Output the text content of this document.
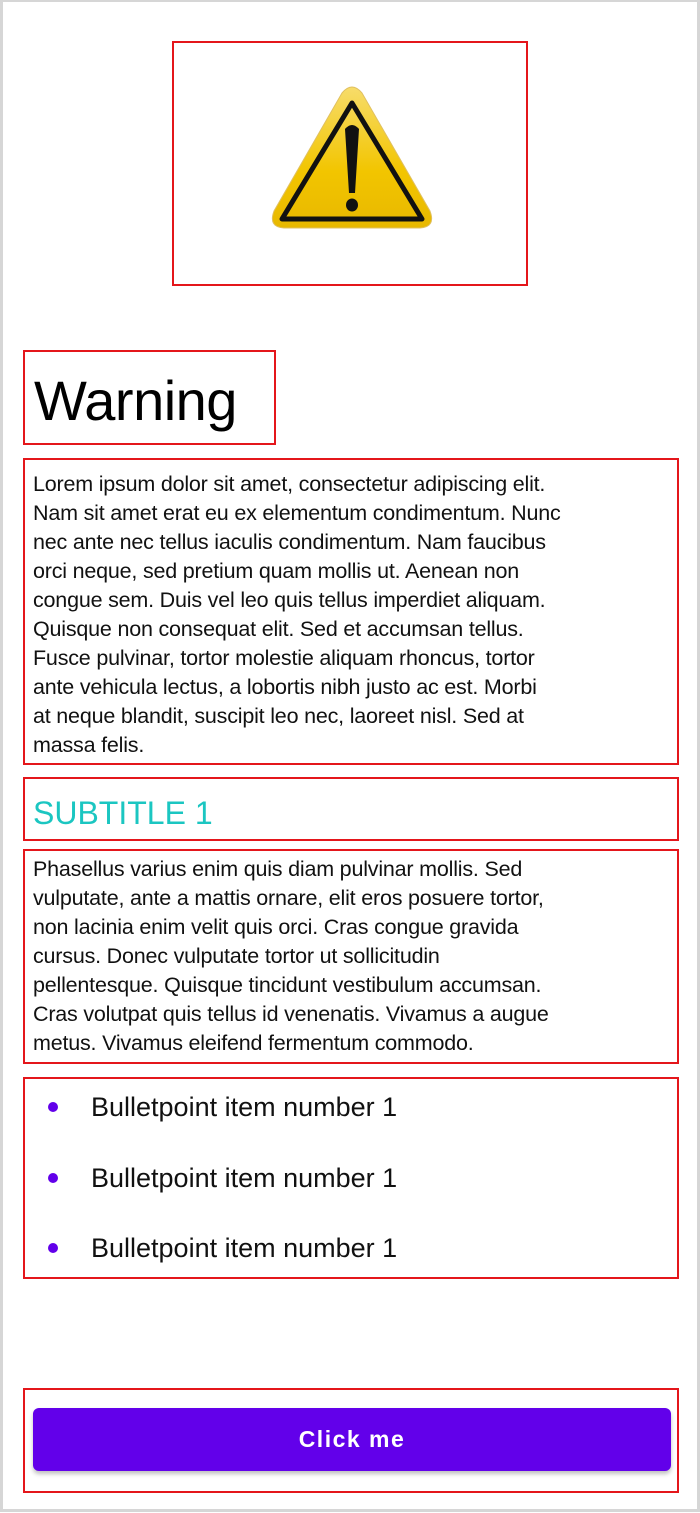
Warning
Lorem ipsum dolor sit amet, consectetur adipiscing elit.
Nam sit amet erat eu ex elementum condimentum. Nunc
nec ante nec tellus iaculis condimentum. Nam faucibus
orci neque, sed pretium quam mollis ut. Aenean non
congue sem. Duis vel leo quis tellus imperdiet aliquam.
Quisque non consequat elit. Sed et accumsan tellus.
Fusce pulvinar, tortor molestie aliquam rhoncus, tortor
ante vehicula lectus, a lobortis nibh justo ac est. Morbi
at neque blandit, suscipit leo nec, laoreet nisl. Sed at
massa felis.
SUBTITLE 1
Phasellus varius enim quis diam pulvinar mollis. Sed
vulputate, ante a mattis ornare, elit eros posuere tortor,
non lacinia enim velit quis orci. Cras congue gravida
cursus. Donec vulputate tortor ut sollicitudin
pellentesque. Quisque tincidunt vestibulum accumsan.
Cras volutpat quis tellus id venenatis. Vivamus a augue
metus. Vivamus eleifend fermentum commodo.
Bulletpoint item number 1
Bulletpoint item number 1
Bulletpoint item number 1
Click me
